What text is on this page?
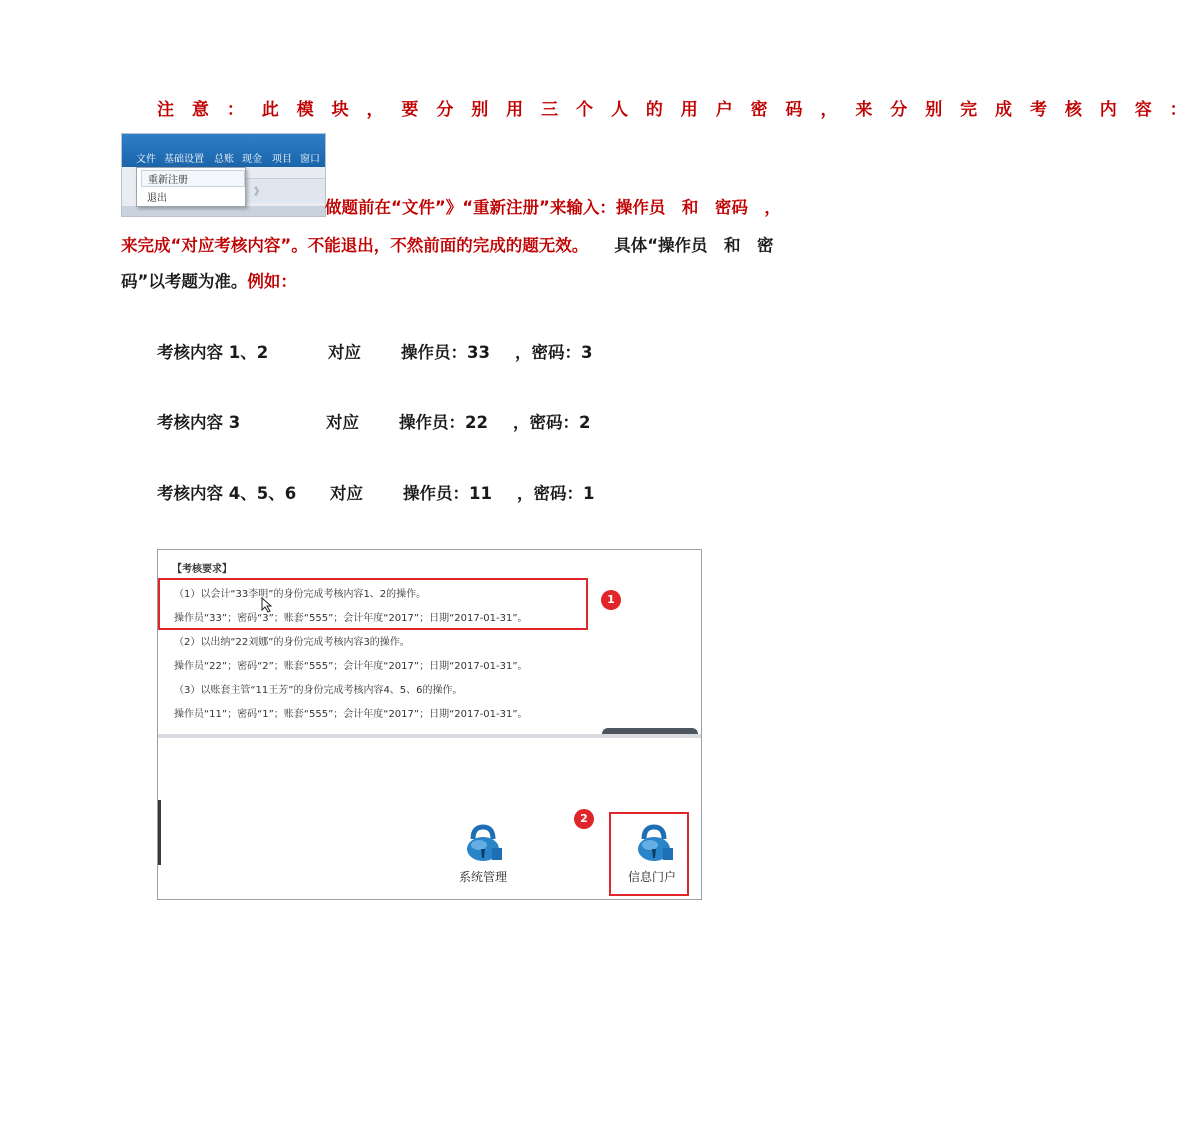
注 意 ： 此 模 块 ， 要 分 别 用 三 个 人 的 用 户 密 码 ， 来 分 别 完 成 考 核 内 容 ：
文件 基础设置 总账 现金 项目 窗口
》
重新注册
退出	做题前在“文件”》“重新注册”来输入：操作员　和　密码　，
来完成“对应考核内容”。不能退出，不然前面的完成的题无效。 具体“操作员　和　密
码”以考题为准。例如：
考核内容 1、2	对应 操作员：33 ，密码：3
考核内容 3	对应 操作员：22 ，密码：2
考核内容 4、5、6 对应 操作员：11 ，密码：1
【考核要求】
（1）以会计“33李明”的身份完成考核内容1、2的操作。
操作员“33”；密码“3”；账套“555”；会计年度“2017”；日期“2017-01-31”。
（2）以出纳“22刘娜”的身份完成考核内容3的操作。
操作员“22”；密码“2”；账套“555”；会计年度“2017”；日期“2017-01-31”。
（3）以账套主管“11王芳”的身份完成考核内容4、5、6的操作。
操作员“11”；密码“1”；账套“555”；会计年度“2017”；日期“2017-01-31”。
1
系统管理
2
信息门户
